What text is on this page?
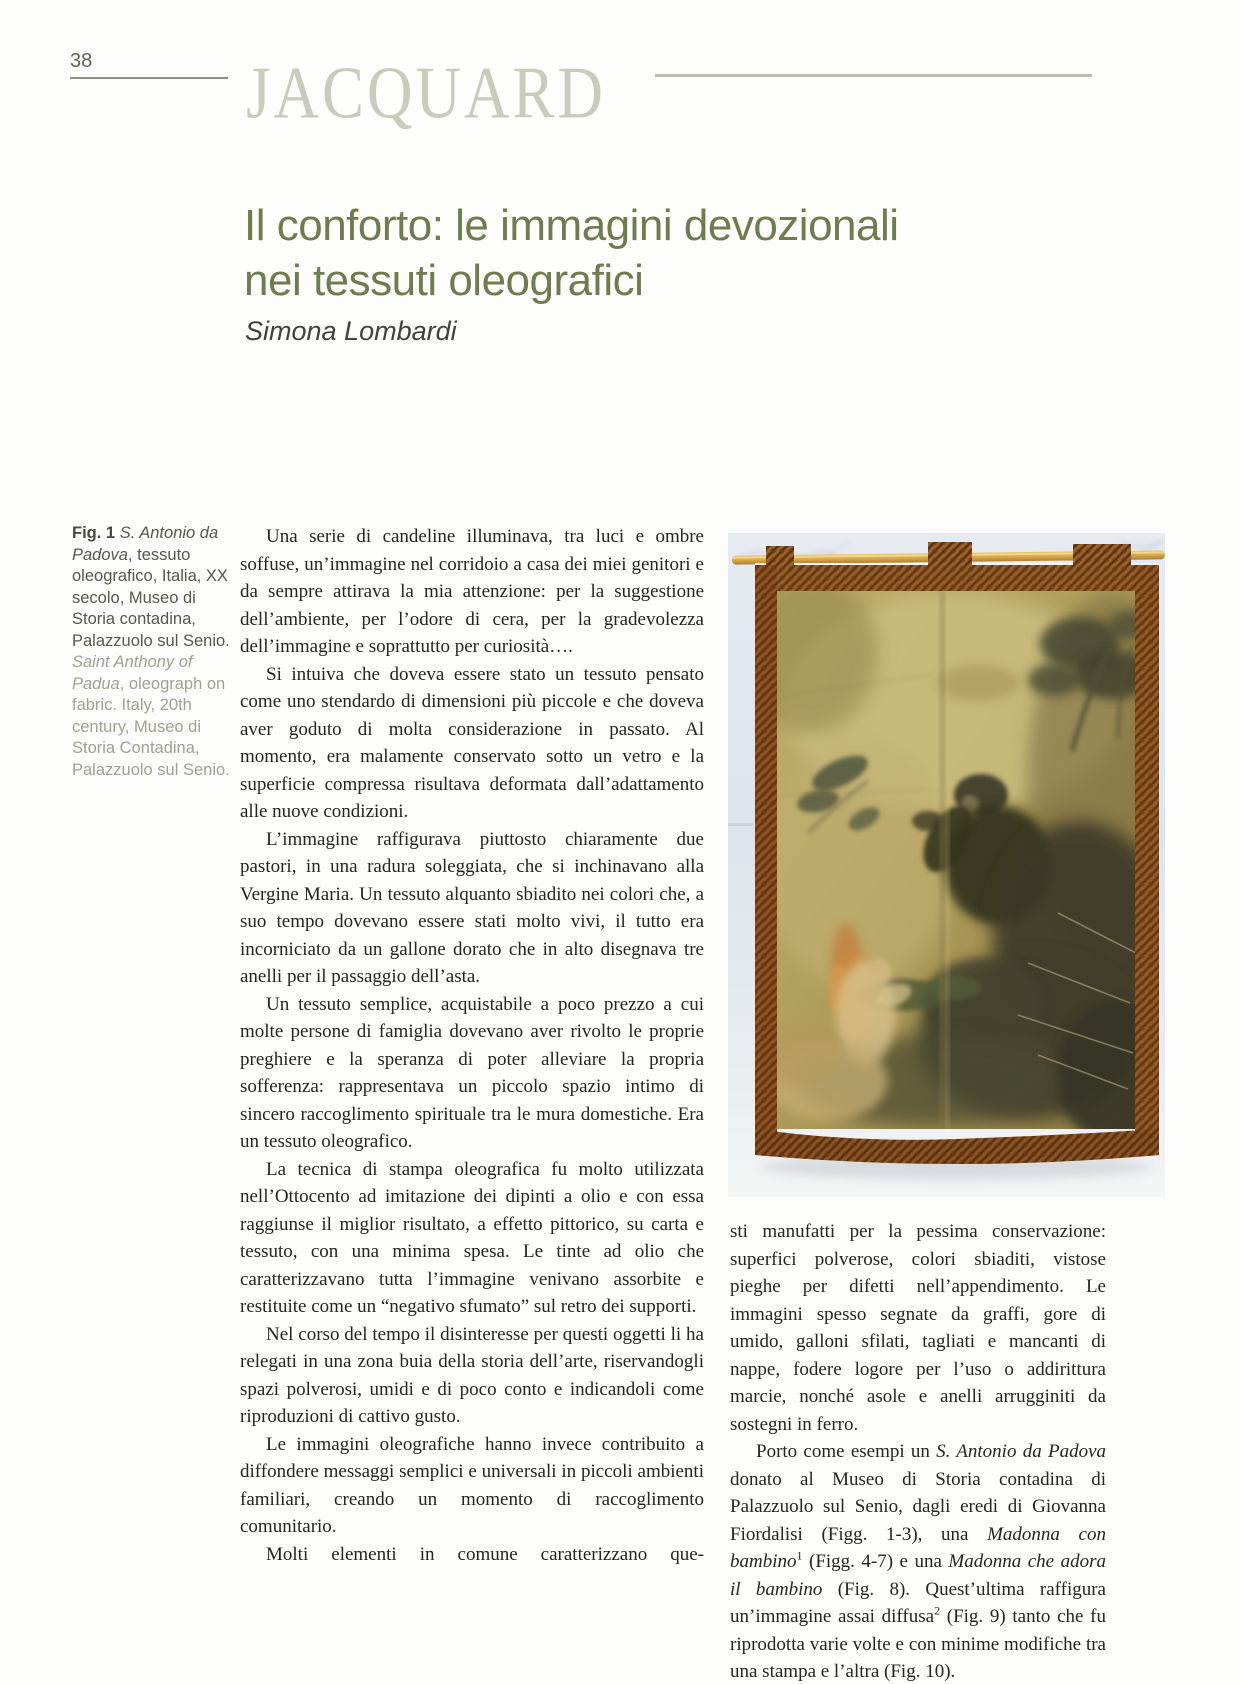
38 JACQUARD
Il conforto: le immagini devozionali
nei tessuti oleografici
Simona Lombardi

Fig. 1 S. Antonio da Padova, tessuto oleografico, Italia, XX secolo, Museo di Storia contadina, Palazzuolo sul Senio.

Saint Anthony of Padua, oleograph on fabric. Italy, 20th century, Museo di Storia Contadina, Palazzuolo sul Senio.

Una serie di candeline illuminava, tra luci e ombre soffuse, un’immagine nel corridoio a casa dei miei genitori e da sempre attirava la mia attenzione: per la suggestione dell’ambiente, per l’odore di cera, per la gradevolezza dell’immagine e soprattutto per curiosità….

Si intuiva che doveva essere stato un tessuto pensato come uno stendardo di dimensioni più piccole e che doveva aver goduto di molta considerazione in passato. Al momento, era malamente conservato sotto un vetro e la superficie compressa risultava deformata dall’adattamento alle nuove condizioni.

L’immagine raffigurava piuttosto chiaramente due pastori, in una radura soleggiata, che si inchinavano alla Vergine Maria. Un tessuto alquanto sbiadito nei colori che, a suo tempo dovevano essere stati molto vivi, il tutto era incorniciato da un gallone dorato che in alto disegnava tre anelli per il passaggio dell’asta.

Un tessuto semplice, acquistabile a poco prezzo a cui molte persone di famiglia dovevano aver rivolto le proprie preghiere e la speranza di poter alleviare la propria sofferenza: rappresentava un piccolo spazio intimo di sincero raccoglimento spirituale tra le mura domestiche. Era un tessuto oleografico.

La tecnica di stampa oleografica fu molto utilizzata nell’Ottocento ad imitazione dei dipinti a olio e con essa raggiunse il miglior risultato, a effetto pittorico, su carta e tessuto, con una minima spesa. Le tinte ad olio che caratterizzavano tutta l’immagine venivano assorbite e restituite come un “negativo sfumato” sul retro dei supporti.

Nel corso del tempo il disinteresse per questi oggetti li ha relegati in una zona buia della storia dell’arte, riservandogli spazi polverosi, umidi e di poco conto e indicandoli come riproduzioni di cattivo gusto.

Le immagini oleografiche hanno invece contribuito a diffondere messaggi semplici e universali in piccoli ambienti familiari, creando un momento di raccoglimento comunitario.

Molti elementi in comune caratterizzano que-

sti manufatti per la pessima conservazione: superfici polverose, colori sbiaditi, vistose pieghe per difetti nell’appendimento. Le immagini spesso segnate da graffi, gore di umido, galloni sfilati, tagliati e mancanti di nappe, fodere logore per l’uso o addirittura marcie, nonché asole e anelli arrugginiti da sostegni in ferro.

Porto come esempi un S. Antonio da Padova donato al Museo di Storia contadina di Palazzuolo sul Senio, dagli eredi di Giovanna Fiordalisi (Figg. 1-3), una Madonna con bambino$^1$ (Figg. 4-7) e una Madonna che adora il bambino (Fig. 8). Quest’ultima raffigura un’immagine assai diffusa$^2$ (Fig. 9) tanto che fu riprodotta varie volte e con minime modifiche tra una stampa e l’altra (Fig. 10).
